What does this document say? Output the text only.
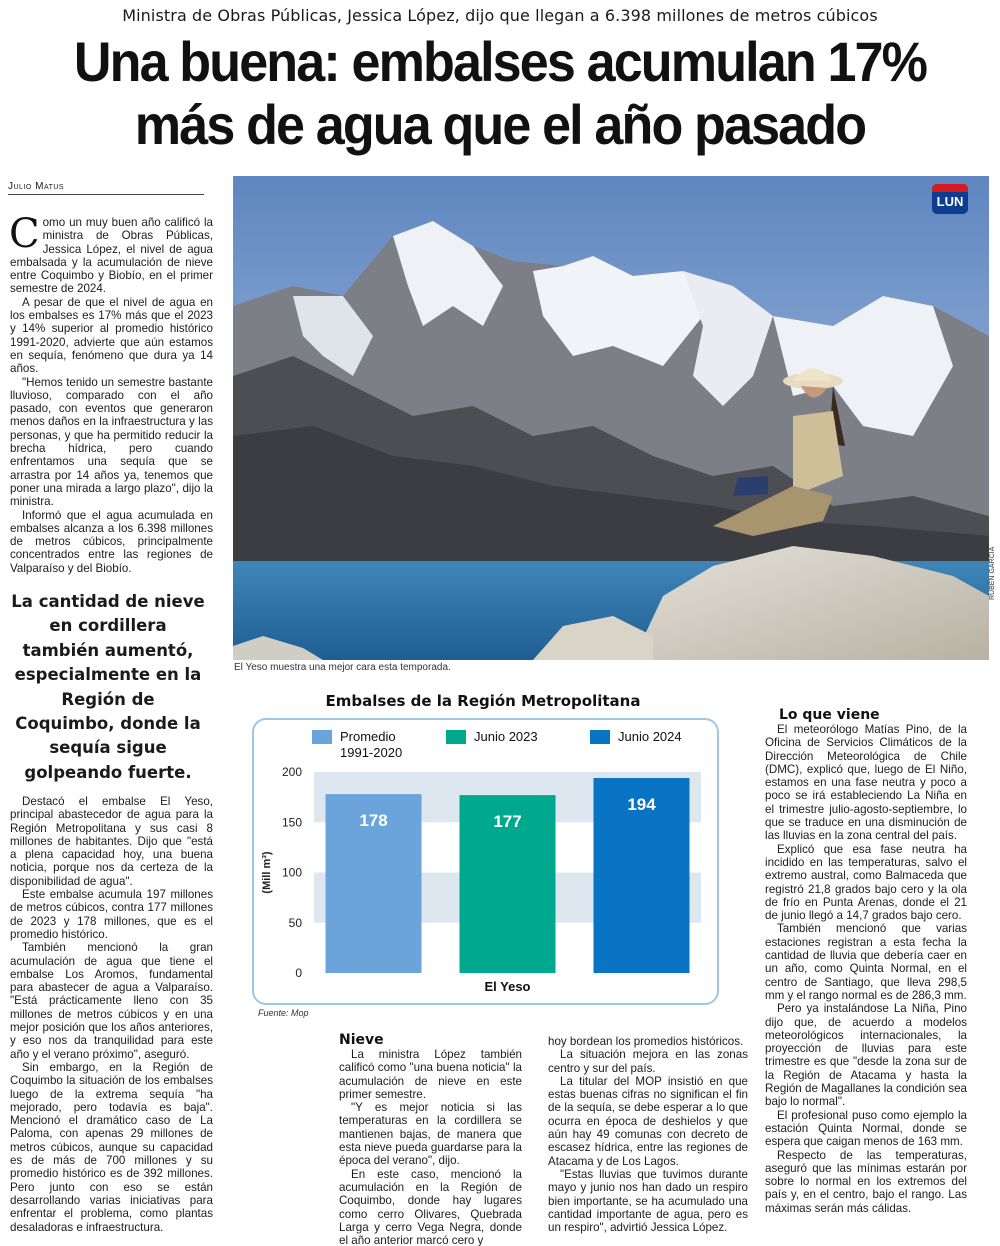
Ministra de Obras Públicas, Jessica López, dijo que llegan a 6.398 millones de metros cúbicos
Una buena: embalses acumulan 17%
más de agua que el año pasado
Julio Matus
C omo un muy buen año calificó la ministra de Obras Públicas, Jessica López, el nivel de agua embalsada y la acumulación de nieve entre Coquimbo y Biobío, en el primer semestre de 2024.

A pesar de que el nivel de agua en los embalses es 17% más que el 2023 y 14% superior al promedio histórico 1991-2020, advierte que aún estamos en sequía, fenómeno que dura ya 14 años.

"Hemos tenido un semestre bastante lluvioso, comparado con el año pasado, con eventos que generaron menos daños en la infraestructura y las personas, y que ha permitido reducir la brecha hídrica, pero cuando enfrentamos una sequía que se arrastra por 14 años ya, tenemos que poner una mirada a largo plazo", dijo la ministra.

Informó que el agua acumulada en embalses alcanza a los 6.398 millones de metros cúbicos, principalmente concentrados entre las regiones de Valparaíso y del Biobío.

La cantidad de nieve en cordillera también aumentó, especialmente en la Región de Coquimbo, donde la sequía sigue golpeando fuerte.

Destacó el embalse El Yeso, principal abastecedor de agua para la Región Metropolitana y sus casi 8 millones de habitantes. Dijo que "está a plena capacidad hoy, una buena noticia, porque nos da certeza de la disponibilidad de agua".

Este embalse acumula 197 millones de metros cúbicos, contra 177 millones de 2023 y 178 millones, que es el promedio histórico.

También mencionó la gran acumulación de agua que tiene el embalse Los Aromos, fundamental para abastecer de agua a Valparaíso. "Está prácticamente lleno con 35 millones de metros cúbicos y en una mejor posición que los años anteriores, y eso nos da tranquilidad para este año y el verano próximo", aseguró.

Sin embargo, en la Región de Coquimbo la situación de los embalses luego de la extrema sequía "ha mejorado, pero todavía es baja". Mencionó el dramático caso de La Paloma, con apenas 29 millones de metros cúbicos, aunque su capacidad es de más de 700 millones y su promedio histórico es de 392 millones. Pero junto con eso se están desarrollando varias iniciativas para enfrentar el problema, como plantas desaladoras e infraestructura.

LUN
RUBÉN GARCÍA
El Yeso muestra una mejor cara esta temporada.
Embalses de la Región Metropolitana
0
50
100
150
200
(Mill m³)
El Yeso
178	177
194
Promedio
1991-2020
Junio 2023	Junio 2024
Fuente: Mop
Nieve

La ministra López también calificó como "una buena noticia" la acumulación de nieve en este primer semestre.

"Y es mejor noticia si las temperaturas en la cordillera se mantienen bajas, de manera que esta nieve pueda guardarse para la época del verano", dijo.

En este caso, mencionó la acumulación en la Región de Coquimbo, donde hay lugares como cerro Olivares, Quebrada Larga y cerro Vega Negra, donde el año anterior marcó cero y

hoy bordean los promedios históricos.

La situación mejora en las zonas centro y sur del país.

La titular del MOP insistió en que estas buenas cifras no significan el fin de la sequía, se debe esperar a lo que ocurra en época de deshielos y que aún hay 49 comunas con decreto de escasez hídrica, entre las regiones de Atacama y de Los Lagos.

"Estas lluvias que tuvimos durante mayo y junio nos han dado un respiro bien importante, se ha acumulado una cantidad importante de agua, pero es un respiro", advirtió Jessica López.

Lo que viene

El meteorólogo Matías Pino, de la Oficina de Servicios Climáticos de la Dirección Meteorológica de Chile (DMC), explicó que, luego de El Niño, estamos en una fase neutra y poco a poco se irá estableciendo La Niña en el trimestre julio-agosto-septiembre, lo que se traduce en una disminución de las lluvias en la zona central del país.

Explicó que esa fase neutra ha incidido en las temperaturas, salvo el extremo austral, como Balmaceda que registró 21,8 grados bajo cero y la ola de frío en Punta Arenas, donde el 21 de junio llegó a 14,7 grados bajo cero.

También mencionó que varias estaciones registran a esta fecha la cantidad de lluvia que debería caer en un año, como Quinta Normal, en el centro de Santiago, que lleva 298,5 mm y el rango normal es de 286,3 mm.

Pero ya instalándose La Niña, Pino dijo que, de acuerdo a modelos meteorológicos internacionales, la proyección de lluvias para este trimestre es que "desde la zona sur de la Región de Atacama y hasta la Región de Magallanes la condición sea bajo lo normal".

El profesional puso como ejemplo la estación Quinta Normal, donde se espera que caigan menos de 163 mm.

Respecto de las temperaturas, aseguró que las mínimas estarán por sobre lo normal en los extremos del país y, en el centro, bajo el rango. Las máximas serán más cálidas.
